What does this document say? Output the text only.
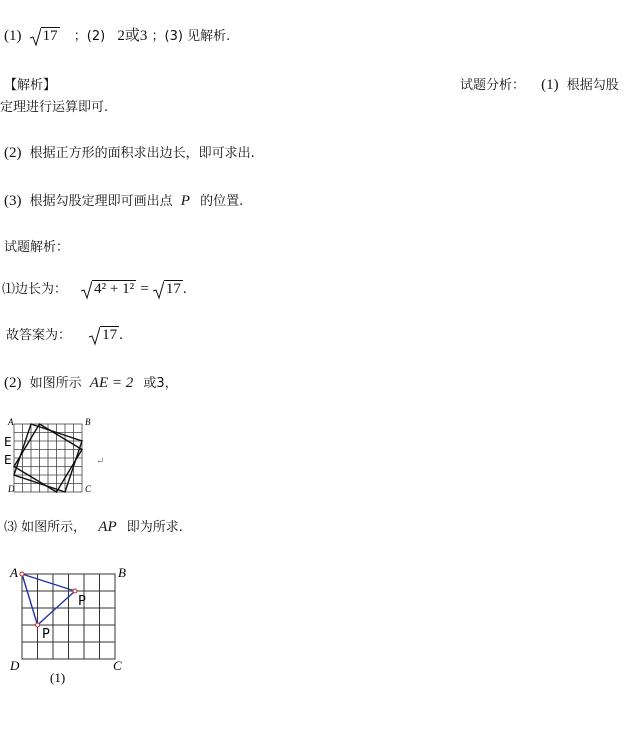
(1) 17 ；(2) 2或3 ；(3) 见解析.
【解析】	试题分析： (1) 根据勾股
定理进行运算即可.
(2) 根据正方形的面积求出边长，即可求出.
(3) 根据勾股定理即可画出点 P 的位置.
试题解析：
⑴边长为： 4² + 1² = 17 .
故答案为： 17 .
(2) 如图所示 AE = 2 或3，
A	B
D	C
E
E	↵
⑶ 如图所示， AP 即为所求.
A	B
D	C
P
P
(1)
